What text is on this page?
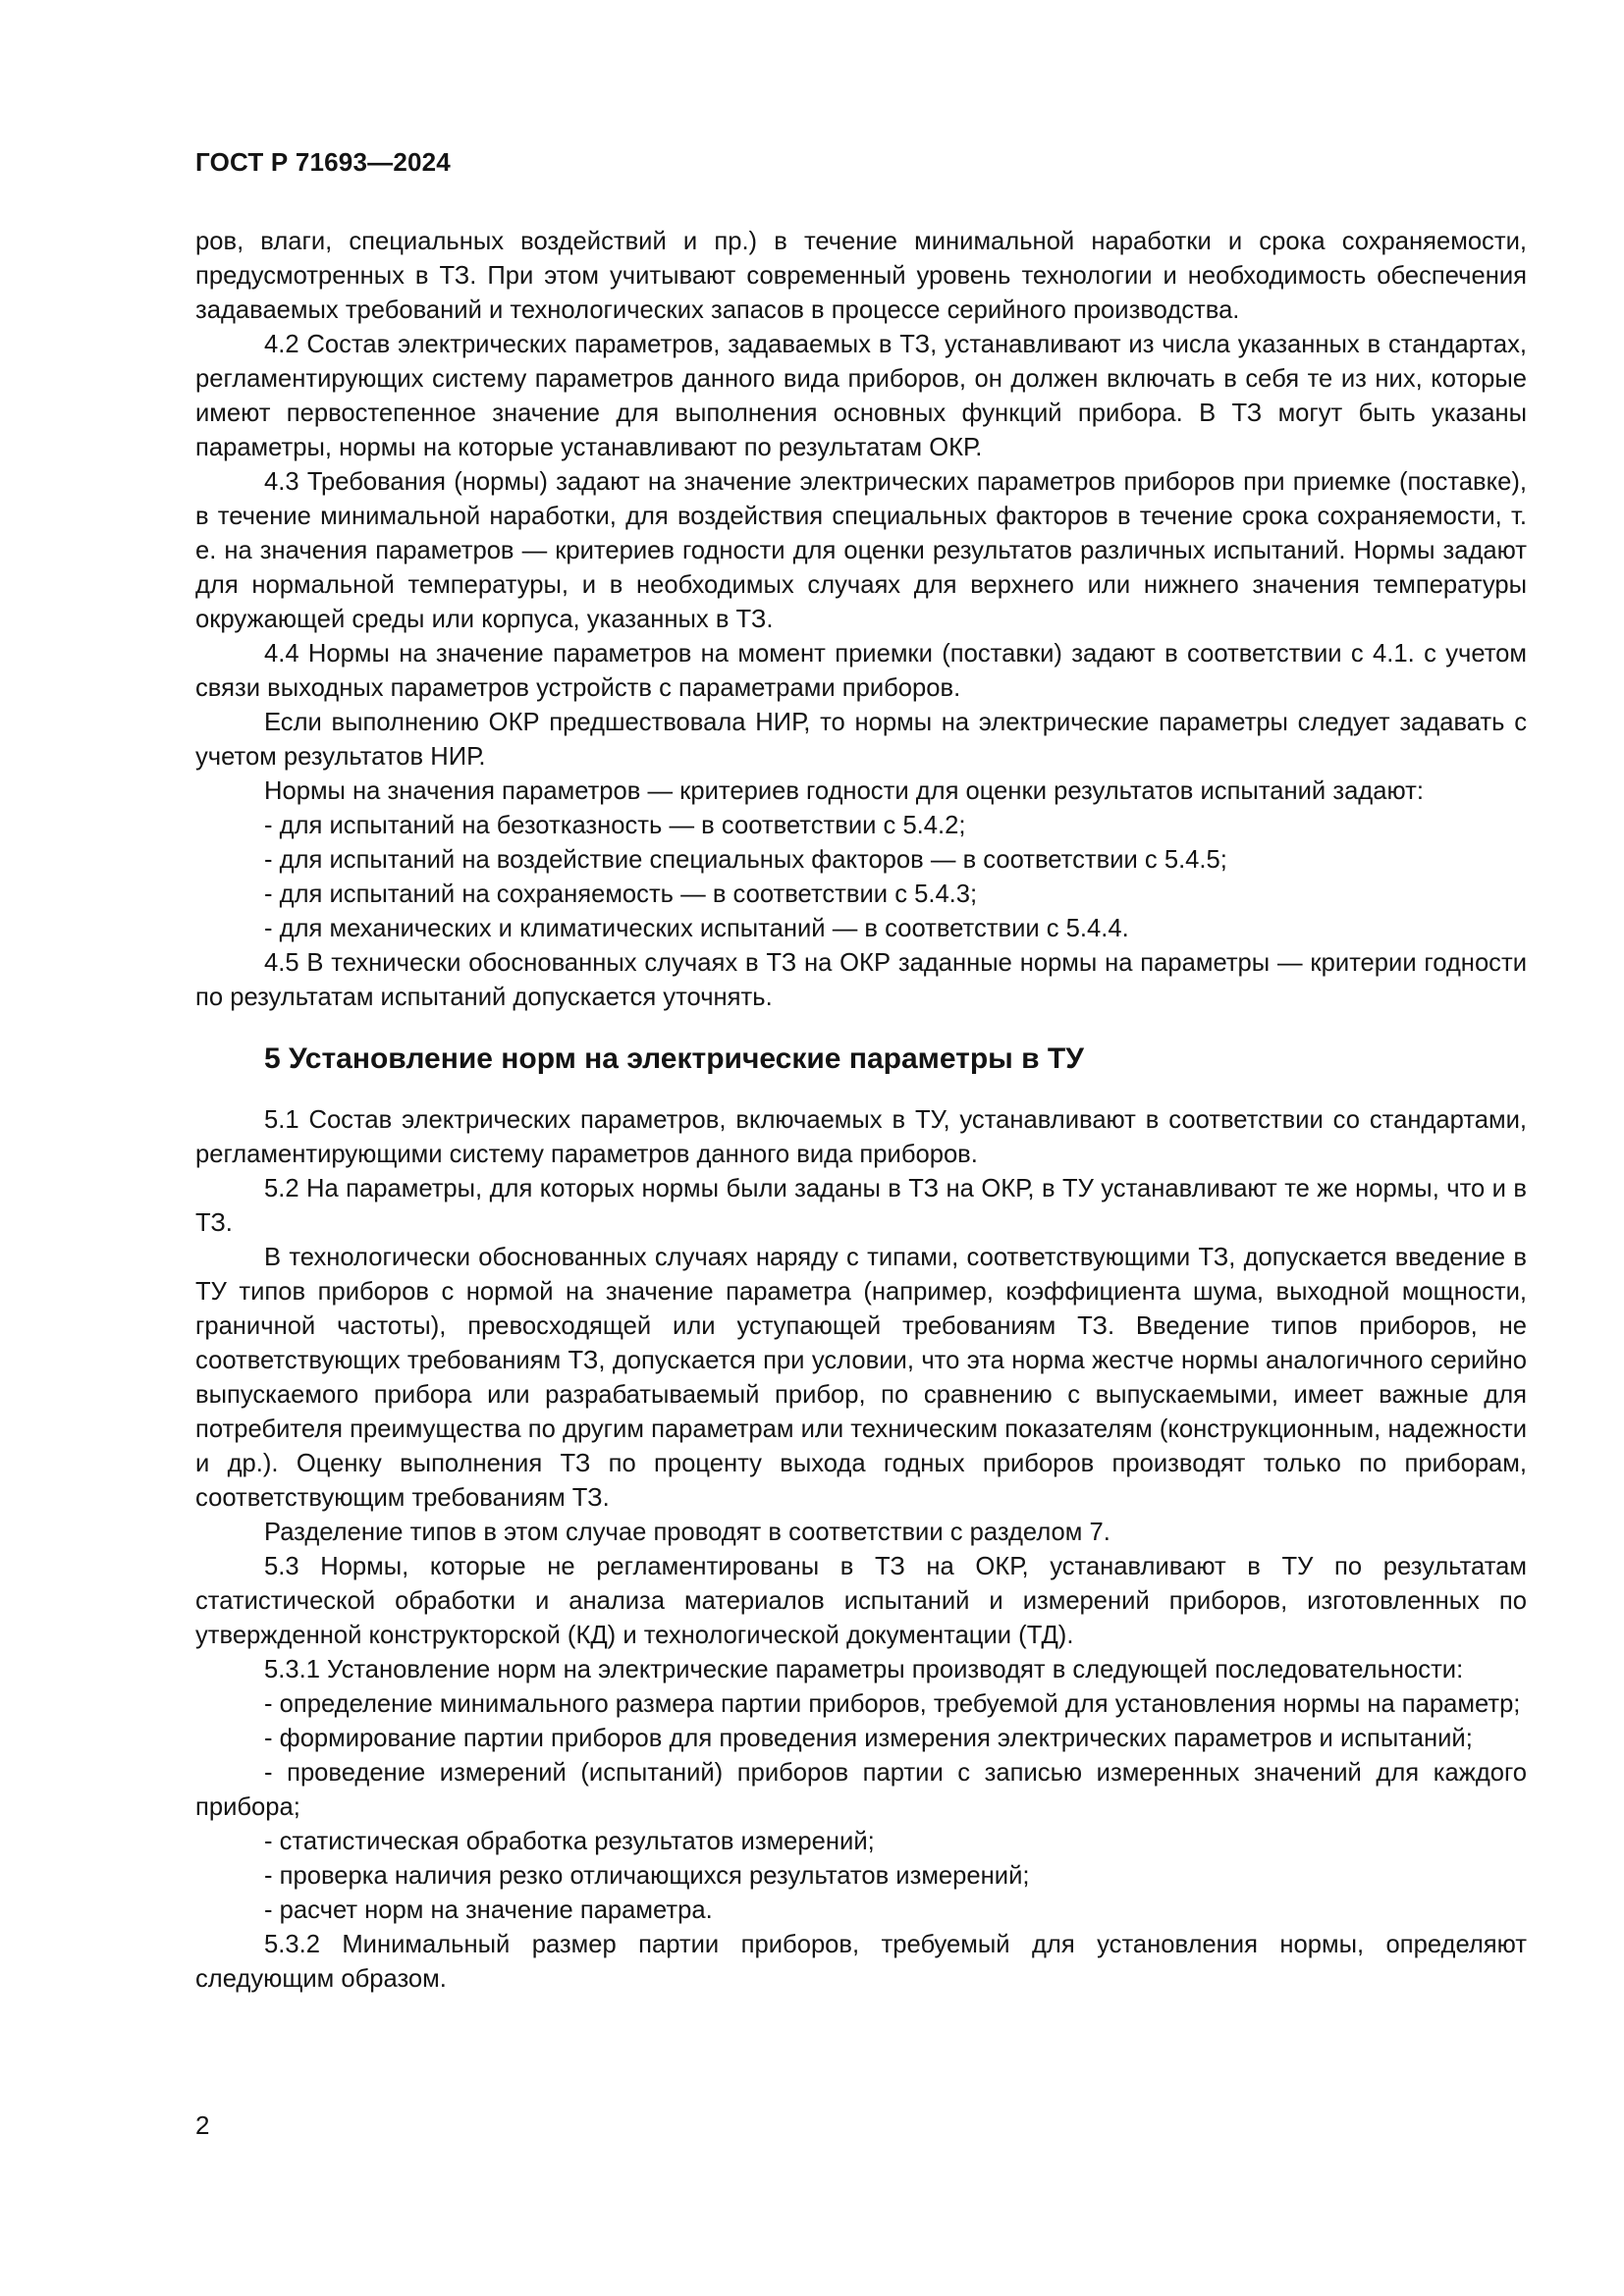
ГОСТ Р 71693—2024

ров, влаги, специальных воздействий и пр.) в течение минимальной наработки и срока сохраняемости, предусмотренных в ТЗ. При этом учитывают современный уровень технологии и необходимость обеспечения задаваемых требований и технологических запасов в процессе серийного производства.

4.2 Состав электрических параметров, задаваемых в ТЗ, устанавливают из числа указанных в стандартах, регламентирующих систему параметров данного вида приборов, он должен включать в себя те из них, которые имеют первостепенное значение для выполнения основных функций прибора. В ТЗ могут быть указаны параметры, нормы на которые устанавливают по результатам ОКР.

4.3 Требования (нормы) задают на значение электрических параметров приборов при приемке (поставке), в течение минимальной наработки, для воздействия специальных факторов в течение срока сохраняемости, т. е. на значения параметров — критериев годности для оценки результатов различных испытаний. Нормы задают для нормальной температуры, и в необходимых случаях для верхнего или нижнего значения температуры окружающей среды или корпуса, указанных в ТЗ.

4.4 Нормы на значение параметров на момент приемки (поставки) задают в соответствии с 4.1. с учетом связи выходных параметров устройств с параметрами приборов.

Если выполнению ОКР предшествовала НИР, то нормы на электрические параметры следует задавать с учетом результатов НИР.

Нормы на значения параметров — критериев годности для оценки результатов испытаний задают:

- для испытаний на безотказность — в соответствии с 5.4.2;

- для испытаний на воздействие специальных факторов — в соответствии с 5.4.5;

- для испытаний на сохраняемость — в соответствии с 5.4.3;

- для механических и климатических испытаний — в соответствии с 5.4.4.

4.5 В технически обоснованных случаях в ТЗ на ОКР заданные нормы на параметры — критерии годности по результатам испытаний допускается уточнять.

5 Установление норм на электрические параметры в ТУ

5.1 Состав электрических параметров, включаемых в ТУ, устанавливают в соответствии со стандартами, регламентирующими систему параметров данного вида приборов.

5.2 На параметры, для которых нормы были заданы в ТЗ на ОКР, в ТУ устанавливают те же нормы, что и в ТЗ.

В технологически обоснованных случаях наряду с типами, соответствующими ТЗ, допускается введение в ТУ типов приборов с нормой на значение параметра (например, коэффициента шума, выходной мощности, граничной частоты), превосходящей или уступающей требованиям ТЗ. Введение типов приборов, не соответствующих требованиям ТЗ, допускается при условии, что эта норма жестче нормы аналогичного серийно выпускаемого прибора или разрабатываемый прибор, по сравнению с выпускаемыми, имеет важные для потребителя преимущества по другим параметрам или техническим показателям (конструкционным, надежности и др.). Оценку выполнения ТЗ по проценту выхода годных приборов производят только по приборам, соответствующим требованиям ТЗ.

Разделение типов в этом случае проводят в соответствии с разделом 7.

5.3 Нормы, которые не регламентированы в ТЗ на ОКР, устанавливают в ТУ по результатам статистической обработки и анализа материалов испытаний и измерений приборов, изготовленных по утвержденной конструкторской (КД) и технологической документации (ТД).

5.3.1 Установление норм на электрические параметры производят в следующей последовательности:

- определение минимального размера партии приборов, требуемой для установления нормы на параметр;

- формирование партии приборов для проведения измерения электрических параметров и испытаний;

- проведение измерений (испытаний) приборов партии с записью измеренных значений для каждого прибора;

- статистическая обработка результатов измерений;

- проверка наличия резко отличающихся результатов измерений;

- расчет норм на значение параметра.

5.3.2 Минимальный размер партии приборов, требуемый для установления нормы, определяют следующим образом.

2
